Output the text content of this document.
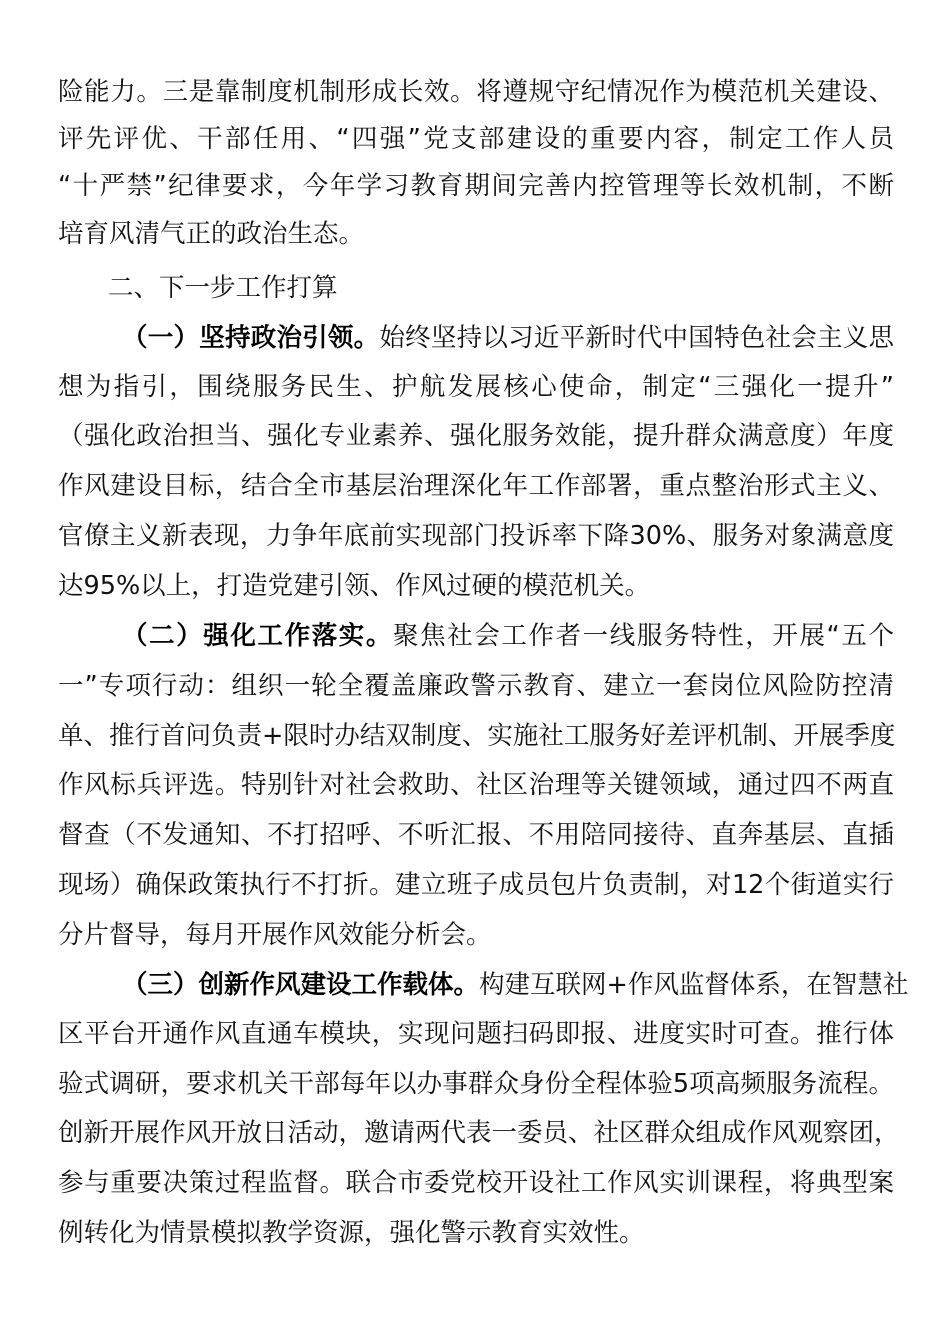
险能力。三是靠制度机制形成长效。将遵规守纪情况作为模范机关建设、
评先评优、干部任用、“四强”党支部建设的重要内容，制定工作人员
“十严禁”纪律要求，今年学习教育期间完善内控管理等长效机制，不断
培育风清气正的政治生态。
二、下一步工作打算
（一）坚持政治引领。始终坚持以习近平新时代中国特色社会主义思
想为指引，围绕服务民生、护航发展核心使命，制定“三强化一提升”
（强化政治担当、强化专业素养、强化服务效能，提升群众满意度）年度
作风建设目标，结合全市基层治理深化年工作部署，重点整治形式主义、
官僚主义新表现，力争年底前实现部门投诉率下降30%、服务对象满意度
达95%以上，打造党建引领、作风过硬的模范机关。
（二）强化工作落实。聚焦社会工作者一线服务特性，开展“五个
一”专项行动：组织一轮全覆盖廉政警示教育、建立一套岗位风险防控清
单、推行首问负责+限时办结双制度、实施社工服务好差评机制、开展季度
作风标兵评选。特别针对社会救助、社区治理等关键领域，通过四不两直
督查（不发通知、不打招呼、不听汇报、不用陪同接待、直奔基层、直插
现场）确保政策执行不打折。建立班子成员包片负责制，对12个街道实行
分片督导，每月开展作风效能分析会。
（三）创新作风建设工作载体。构建互联网+作风监督体系，在智慧社
区平台开通作风直通车模块，实现问题扫码即报、进度实时可查。推行体
验式调研，要求机关干部每年以办事群众身份全程体验5项高频服务流程。
创新开展作风开放日活动，邀请两代表一委员、社区群众组成作风观察团，
参与重要决策过程监督。联合市委党校开设社工作风实训课程，将典型案
例转化为情景模拟教学资源，强化警示教育实效性。
